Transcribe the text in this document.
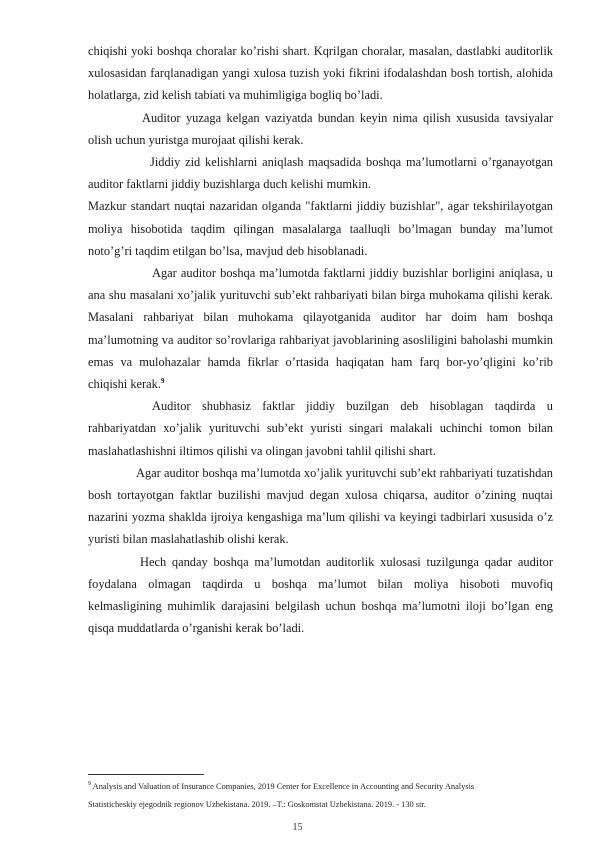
chiqishi yoki boshqa choralar ko’rishi shart. Kqrilgan choralar, masalan, dastlabki auditorlik xulosasidan farqlanadigan yangi xulosa tuzish yoki fikrini ifodalashdan bosh tortish, alohida holatlarga, zid kelish tabiati va muhimligiga bogliq bo’ladi.

Auditor yuzaga kelgan vaziyatda bundan keyin nima qilish xususida tavsiyalar olish uchun yuristga murojaat qilishi kerak.

Jiddiy zid kelishlarni aniqlash maqsadida boshqa ma’lumotlarni o’rganayotgan auditor faktlarni jiddiy buzishlarga duch kelishi mumkin.

Mazkur standart nuqtai nazaridan olganda "faktlarni jiddiy buzishlar", agar tekshirilayotgan moliya hisobotida taqdim qilingan masalalarga taalluqli bo’lmagan bunday ma’lumot noto’g’ri taqdim etilgan bo’lsa, mavjud deb hisoblanadi.

Agar auditor boshqa ma’lumotda faktlarni jiddiy buzishlar borligini aniqlasa, u ana shu masalani xo’jalik yurituvchi sub’ekt rahbariyati bilan birga muhokama qilishi kerak. Masalani rahbariyat bilan muhokama qilayotganida auditor har doim ham boshqa ma’lumotning va auditor so’rovlariga rahbariyat javoblarining asosliligini baholashi mumkin emas va mulohazalar hamda fikrlar o’rtasida haqiqatan ham farq bor-yo’qligini ko’rib chiqishi kerak.$^9$

Auditor shubhasiz faktlar jiddiy buzilgan deb hisoblagan taqdirda u rahbariyatdan xo’jalik yurituvchi sub’ekt yuristi singari malakali uchinchi tomon bilan maslahatlashishni iltimos qilishi va olingan javobni tahlil qilishi shart.

Agar auditor boshqa ma’lumotda xo’jalik yurituvchi sub’ekt rahbariyati tuzatishdan bosh tortayotgan faktlar buzilishi mavjud degan xulosa chiqarsa, auditor o’zining nuqtai nazarini yozma shaklda ijroiya kengashiga ma’lum qilishi va keyingi tadbirlari xususida o’z yuristi bilan maslahatlashib olishi kerak.

Hech qanday boshqa ma’lumotdan auditorlik xulosasi tuzilgunga qadar auditor foydalana olmagan taqdirda u boshqa ma’lumot bilan moliya hisoboti muvofiq kelmasligining muhimlik darajasini belgilash uchun boshqa ma’lumotni iloji bo’lgan eng qisqa muddatlarda o’rganishi kerak bo’ladi.

$^9$ Analysis and Valuation of Insurance Companies, 2019 Center for Excellence in Accounting and Security Analysis
Statisticheskiy ejegodnik regionov Uzbekistana. 2019. –T.: Goskomstat Uzbekistana. 2019. - 130 str.
15
